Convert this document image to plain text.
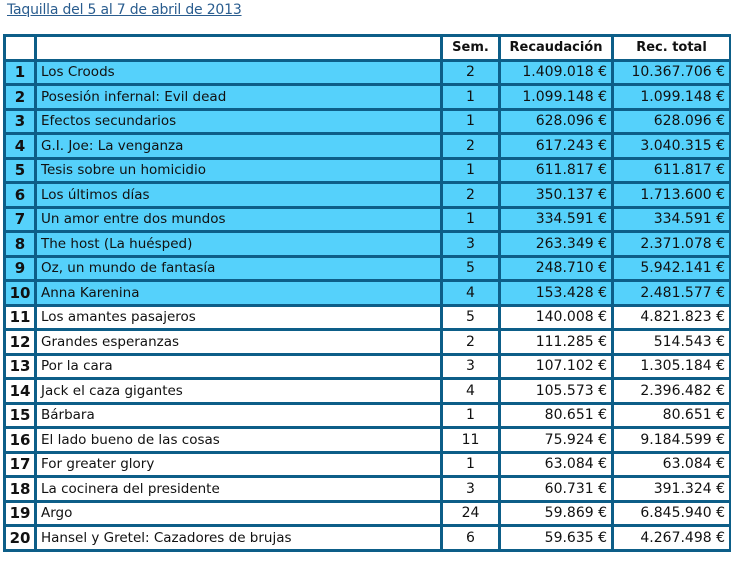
Taquilla del 5 al 7 de abril de 2013
		Sem.	Recaudación	Rec. total
1	Los Croods	2	1.409.018 €	10.367.706 €
2	Posesión infernal: Evil dead	1	1.099.148 €	1.099.148 €
3	Efectos secundarios	1	628.096 €	628.096 €
4	G.I. Joe: La venganza	2	617.243 €	3.040.315 €
5	Tesis sobre un homicidio	1	611.817 €	611.817 €
6	Los últimos días	2	350.137 €	1.713.600 €
7	Un amor entre dos mundos	1	334.591 €	334.591 €
8	The host (La huésped)	3	263.349 €	2.371.078 €
9	Oz, un mundo de fantasía	5	248.710 €	5.942.141 €
10	Anna Karenina	4	153.428 €	2.481.577 €
11	Los amantes pasajeros	5	140.008 €	4.821.823 €
12	Grandes esperanzas	2	111.285 €	514.543 €
13	Por la cara	3	107.102 €	1.305.184 €
14	Jack el caza gigantes	4	105.573 €	2.396.482 €
15	Bárbara	1	80.651 €	80.651 €
16	El lado bueno de las cosas	11	75.924 €	9.184.599 €
17	For greater glory	1	63.084 €	63.084 €
18	La cocinera del presidente	3	60.731 €	391.324 €
19	Argo	24	59.869 €	6.845.940 €
20	Hansel y Gretel: Cazadores de brujas	6	59.635 €	4.267.498 €
